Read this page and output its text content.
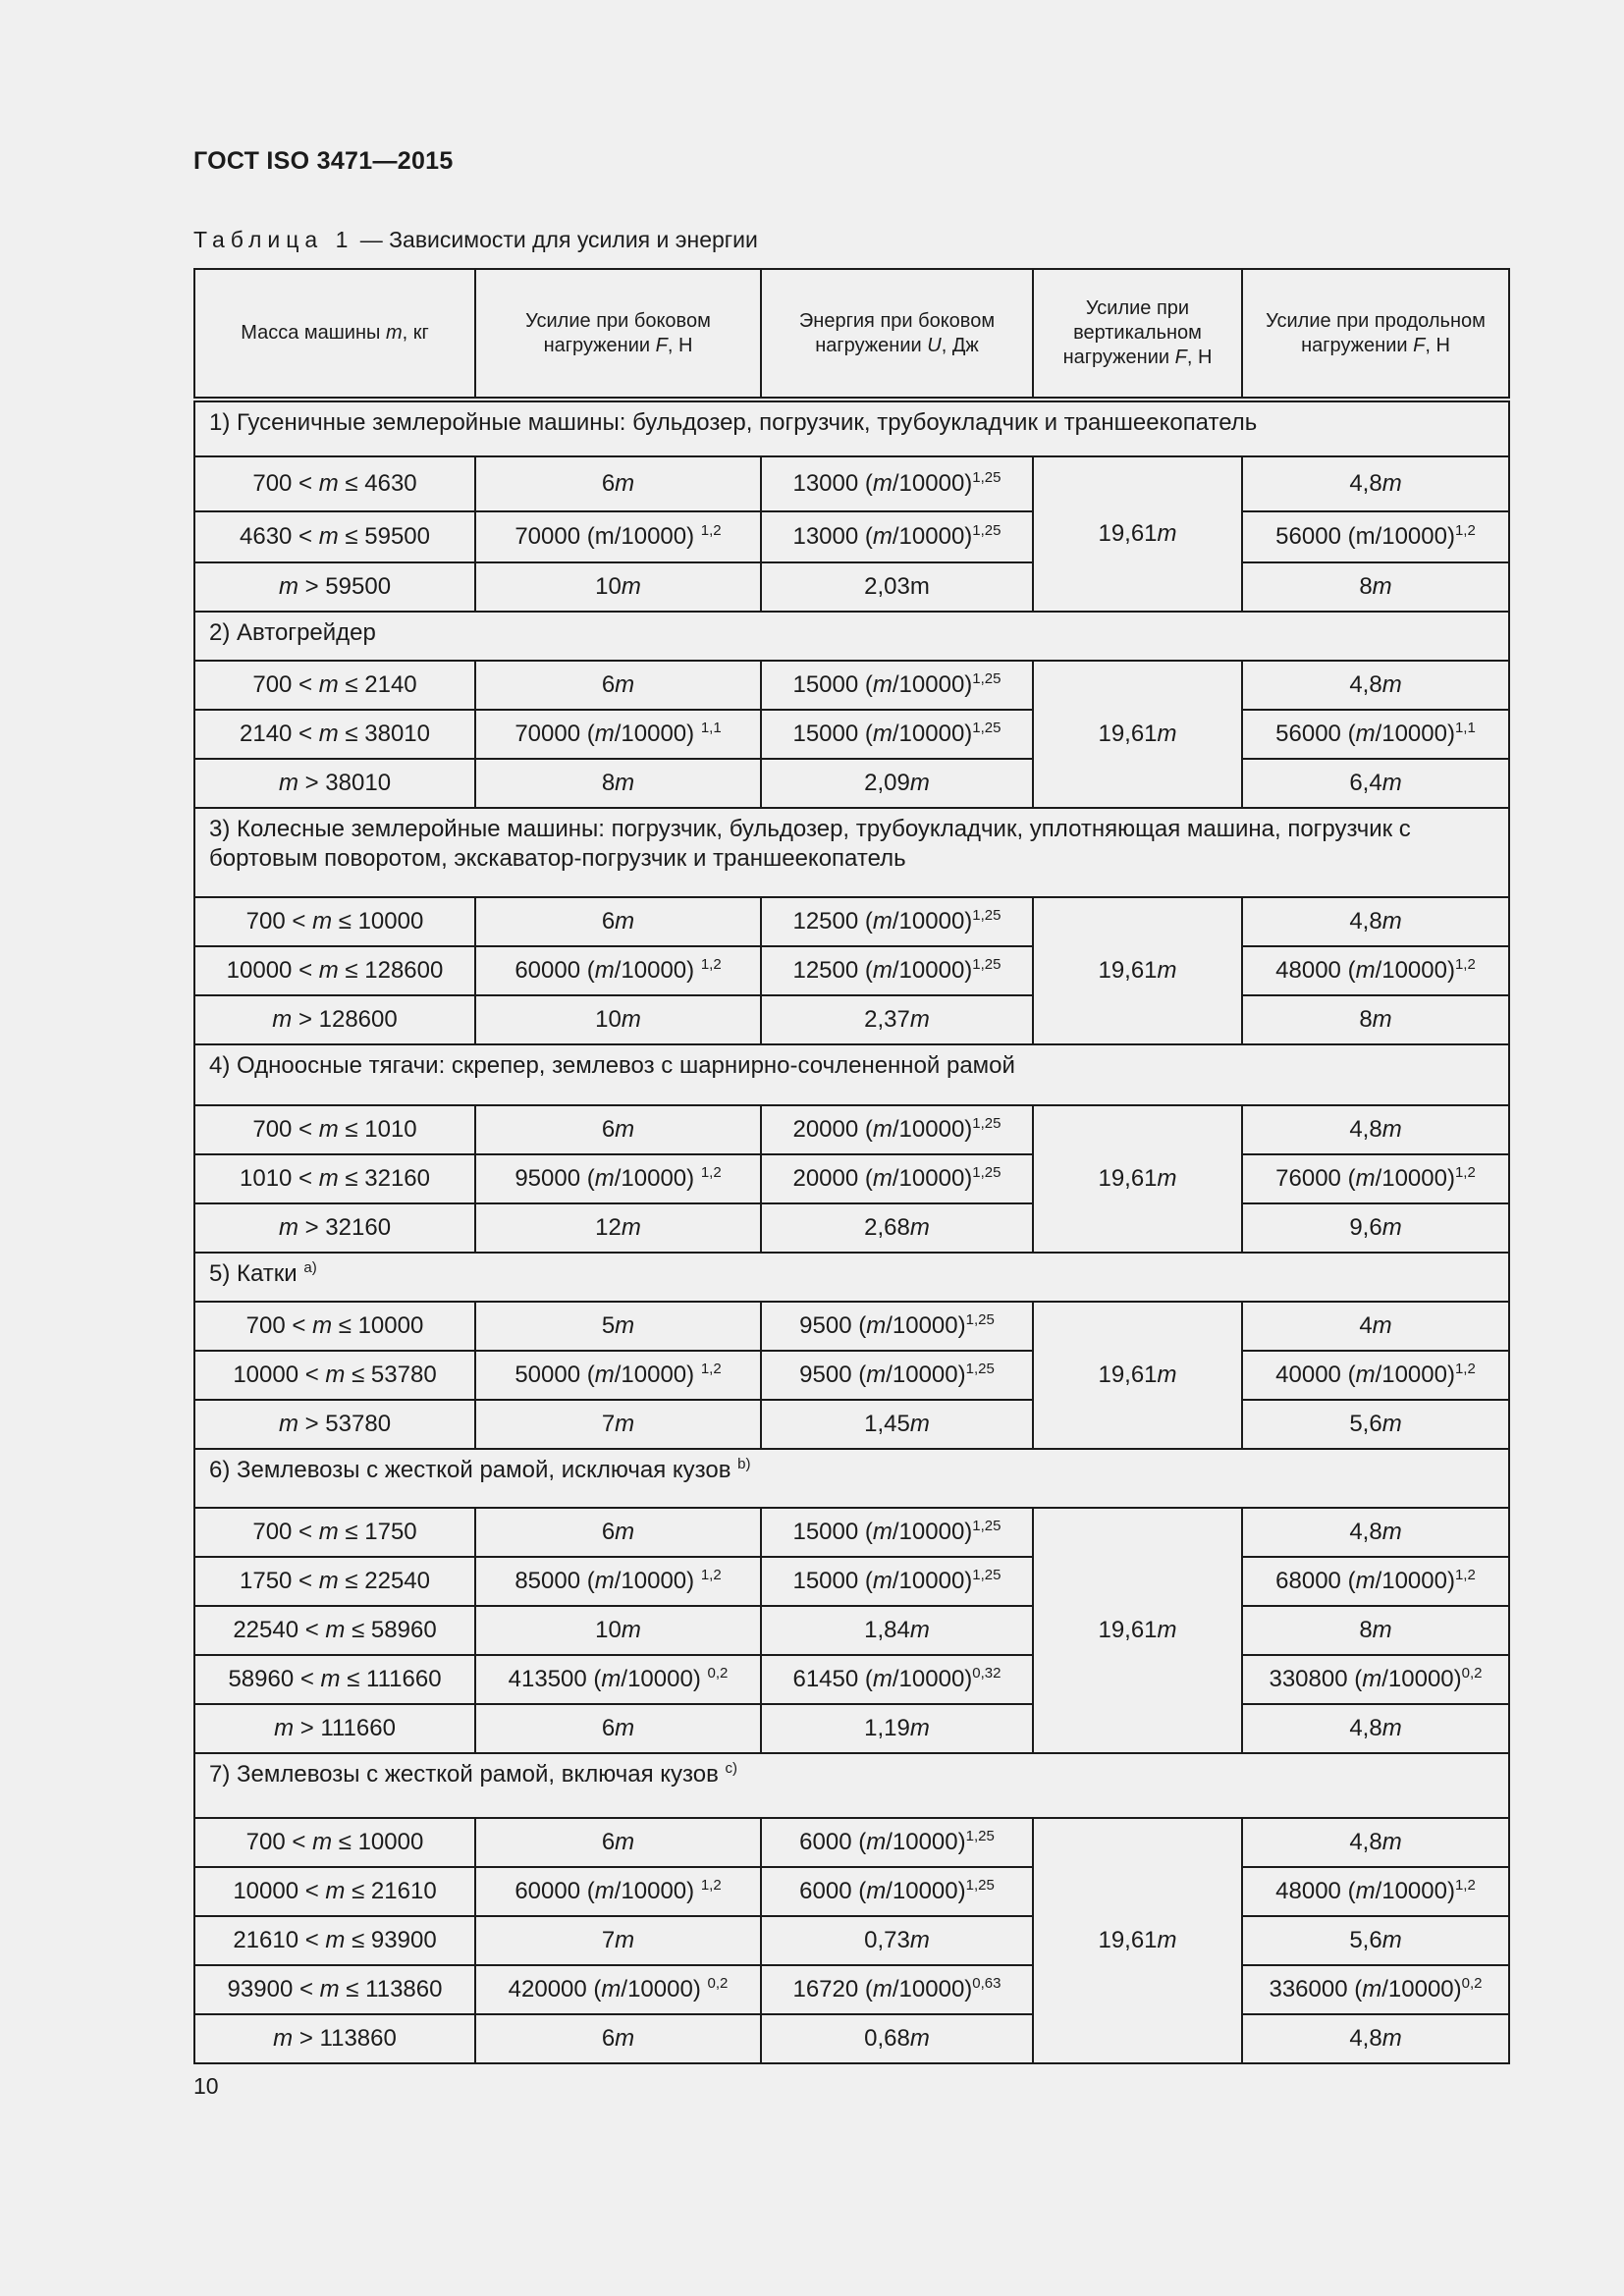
ГОСТ ISO 3471—2015
Таблица 1 — Зависимости для усилия и энергии
Масса машины m, кг	Усилие при боковом нагружении F, Н	Энергия при боковом нагружении U, Дж	Усилие при вертикальном нагружении F, Н	Усилие при продольном нагружении F, Н
1) Гусеничные землеройные машины: бульдозер, погрузчик, трубоукладчик и траншеекопатель				
700 < m ≤ 4630	6m	13000 $(m/10000)^{1,25}$	19,61m	4,8m
4630 < m ≤ 59500	70000 (m/10000) $^{1,2}$	13000 $(m/10000)^{1,25}$		56000 $(m/10000)^{1,2}$
m > 59500	10m	2,03m		8m
2) Автогрейдер				
700 < m ≤ 2140	6m	15000 $(m/10000)^{1,25}$	19,61m	4,8m
2140 < m ≤ 38010	70000 (m/10000) $^{1,1}$	15000 $(m/10000)^{1,25}$		56000 $(m/10000)^{1,1}$
m > 38010	8m	2,09m		6,4m
3) Колесные землеройные машины: погрузчик, бульдозер, трубоукладчик, уплотняющая машина, погрузчик с бортовым поворотом, экскаватор-погрузчик и траншеекопатель				
700 < m ≤ 10000	6m	12500 $(m/10000)^{1,25}$	19,61m	4,8m
10000 < m ≤ 128600	60000 (m/10000) $^{1,2}$	12500 $(m/10000)^{1,25}$		48000 $(m/10000)^{1,2}$
m > 128600	10m	2,37m		8m
4) Одноосные тягачи: скрепер, землевоз с шарнирно-сочлененной рамой				
700 < m ≤ 1010	6m	20000 $(m/10000)^{1,25}$	19,61m	4,8m
1010 < m ≤ 32160	95000 (m/10000) $^{1,2}$	20000 $(m/10000)^{1,25}$		76000 $(m/10000)^{1,2}$
m > 32160	12m	2,68m		9,6m
5) Катки $^{a)}$
700 < m ≤ 10000	5m	9500 $(m/10000)^{1,25}$	19,61m	4m
10000 < m ≤ 53780	50000 (m/10000) $^{1,2}$	9500 $(m/10000)^{1,25}$		40000 $(m/10000)^{1,2}$
m > 53780	7m	1,45m		5,6m
6) Землевозы с жесткой рамой, исключая кузов $^{b)}$
700 < m ≤ 1750	6m	15000 $(m/10000)^{1,25}$	19,61m	4,8m
1750 < m ≤ 22540	85000 (m/10000) $^{1,2}$	15000 $(m/10000)^{1,25}$		68000 $(m/10000)^{1,2}$
22540 < m ≤ 58960	10m	1,84m		8m
58960 < m ≤ 111660	413500 (m/10000) $^{0,2}$	61450 $(m/10000)^{0,32}$		330800 $(m/10000)^{0,2}$
m > 111660	6m	1,19m		4,8m
7) Землевозы с жесткой рамой, включая кузов $^{c)}$
700 < m ≤ 10000	6m	6000 $(m/10000)^{1,25}$	19,61m	4,8m
10000 < m ≤ 21610	60000 (m/10000) $^{1,2}$	6000 $(m/10000)^{1,25}$		48000 $(m/10000)^{1,2}$
21610 < m ≤ 93900	7m	0,73m		5,6m
93900 < m ≤ 113860	420000 (m/10000) $^{0,2}$	16720 $(m/10000)^{0,63}$		336000 $(m/10000)^{0,2}$
m > 113860	6m	0,68m		4,8m
10
